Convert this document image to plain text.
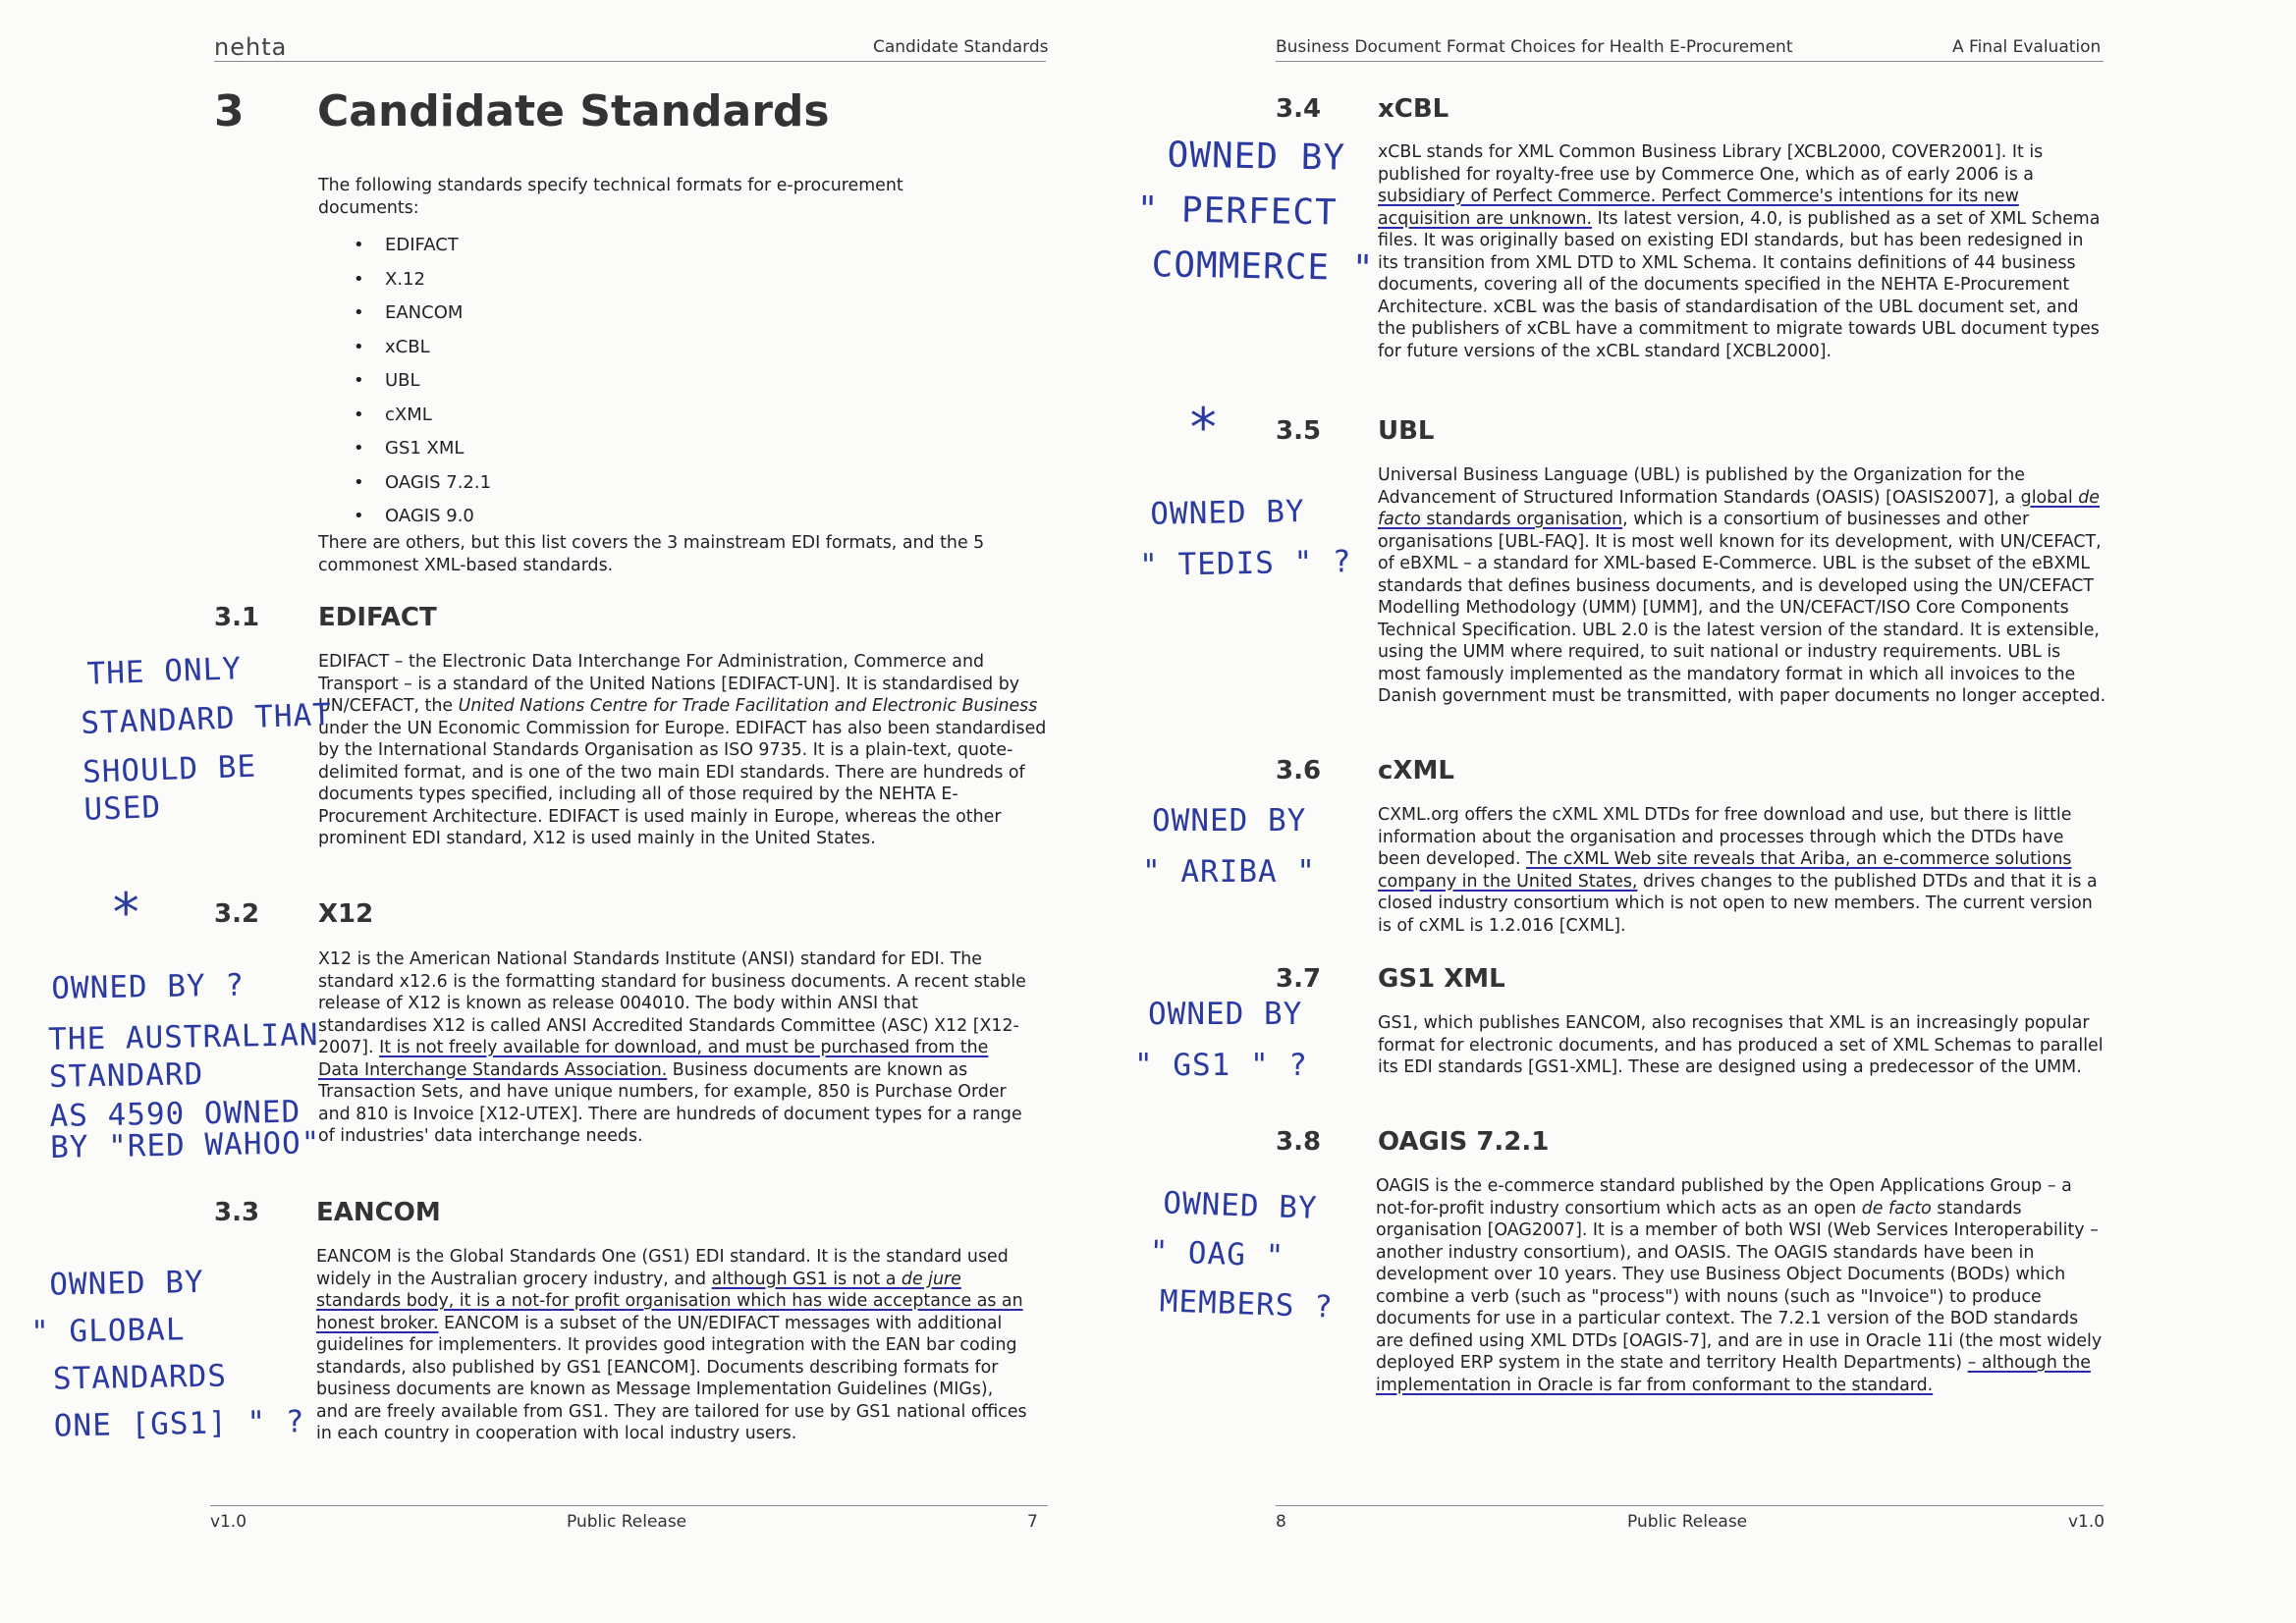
nehta	Candidate Standards
3 Candidate Standards

The following standards specify technical formats for e-procurement documents:

• EDIFACT
• X.12
• EANCOM
• xCBL
• UBL
• cXML
• GS1 XML
• OAGIS 7.2.1
• OAGIS 9.0

There are others, but this list covers the 3 mainstream EDI formats, and the 5 commonest XML-based standards.

3.1 EDIFACT

EDIFACT – the Electronic Data Interchange For Administration, Commerce and Transport – is a standard of the United Nations [EDIFACT-UN]. It is standardised by UN/CEFACT, the United Nations Centre for Trade Facilitation and Electronic Business under the UN Economic Commission for Europe. EDIFACT has also been standardised by the International Standards Organisation as ISO 9735. It is a plain-text, quote-delimited format, and is one of the two main EDI standards. There are hundreds of documents types specified, including all of those required by the NEHTA E-Procurement Architecture. EDIFACT is used mainly in Europe, whereas the other prominent EDI standard, X12 is used mainly in the United States.

3.2 X12

X12 is the American National Standards Institute (ANSI) standard for EDI. The standard x12.6 is the formatting standard for business documents. A recent stable release of X12 is known as release 004010. The body within ANSI that standardises X12 is called ANSI Accredited Standards Committee (ASC) X12 [X12-2007]. It is not freely available for download, and must be purchased from the Data Interchange Standards Association. Business documents are known as Transaction Sets, and have unique numbers, for example, 850 is Purchase Order and 810 is Invoice [X12-UTEX]. There are hundreds of document types for a range of industries' data interchange needs.

3.3 EANCOM

EANCOM is the Global Standards One (GS1) EDI standard. It is the standard used widely in the Australian grocery industry, and although GS1 is not a de jure standards body, it is a not-for profit organisation which has wide acceptance as an honest broker. EANCOM is a subset of the UN/EDIFACT messages with additional guidelines for implementers. It provides good integration with the EAN bar coding standards, also published by GS1 [EANCOM]. Documents describing formats for business documents are known as Message Implementation Guidelines (MIGs), and are freely available from GS1. They are tailored for use by GS1 national offices in each country in cooperation with local industry users.

v1.0	Public Release	7
THE ONLY
STANDARD THAT
SHOULD BE
USED
*
OWNED BY ?
THE AUSTRALIAN
STANDARD
AS 4590 OWNED
BY "RED WAHOO"
OWNED BY
" GLOBAL
STANDARDS
ONE [GS1] " ?
Business Document Format Choices for Health E-Procurement	A Final Evaluation
3.4 xCBL

xCBL stands for XML Common Business Library [XCBL2000, COVER2001]. It is published for royalty-free use by Commerce One, which as of early 2006 is a subsidiary of Perfect Commerce. Perfect Commerce's intentions for its new acquisition are unknown. Its latest version, 4.0, is published as a set of XML Schema files. It was originally based on existing EDI standards, but has been redesigned in its transition from XML DTD to XML Schema. It contains definitions of 44 business documents, covering all of the documents specified in the NEHTA E-Procurement Architecture. xCBL was the basis of standardisation of the UBL document set, and the publishers of xCBL have a commitment to migrate towards UBL document types for future versions of the xCBL standard [XCBL2000].

3.5 UBL

Universal Business Language (UBL) is published by the Organization for the Advancement of Structured Information Standards (OASIS) [OASIS2007], a global de facto standards organisation, which is a consortium of businesses and other organisations [UBL-FAQ]. It is most well known for its development, with UN/CEFACT, of eBXML – a standard for XML-based E-Commerce. UBL is the subset of the eBXML standards that defines business documents, and is developed using the UN/CEFACT Modelling Methodology (UMM) [UMM], and the UN/CEFACT/ISO Core Components Technical Specification. UBL 2.0 is the latest version of the standard. It is extensible, using the UMM where required, to suit national or industry requirements. UBL is most famously implemented as the mandatory format in which all invoices to the Danish government must be transmitted, with paper documents no longer accepted.

3.6 cXML

CXML.org offers the cXML XML DTDs for free download and use, but there is little information about the organisation and processes through which the DTDs have been developed. The cXML Web site reveals that Ariba, an e-commerce solutions company in the United States, drives changes to the published DTDs and that it is a closed industry consortium which is not open to new members. The current version is of cXML is 1.2.016 [CXML].

3.7 GS1 XML

GS1, which publishes EANCOM, also recognises that XML is an increasingly popular format for electronic documents, and has produced a set of XML Schemas to parallel its EDI standards [GS1-XML]. These are designed using a predecessor of the UMM.

3.8 OAGIS 7.2.1

OAGIS is the e-commerce standard published by the Open Applications Group – a not-for-profit industry consortium which acts as an open de facto standards organisation [OAG2007]. It is a member of both WSI (Web Services Interoperability – another industry consortium), and OASIS. The OAGIS standards have been in development over 10 years. They use Business Object Documents (BODs) which combine a verb (such as "process") with nouns (such as "Invoice") to produce documents for use in a particular context. The 7.2.1 version of the BOD standards are defined using XML DTDs [OAGIS-7], and are in use in Oracle 11i (the most widely deployed ERP system in the state and territory Health Departments) – although the implementation in Oracle is far from conformant to the standard.

8	Public Release	v1.0
OWNED BY
" PERFECT
COMMERCE "
*
OWNED BY
" TEDIS " ?
OWNED BY
" ARIBA "
OWNED BY
" GS1 " ?
OWNED BY
" OAG "
MEMBERS ?
